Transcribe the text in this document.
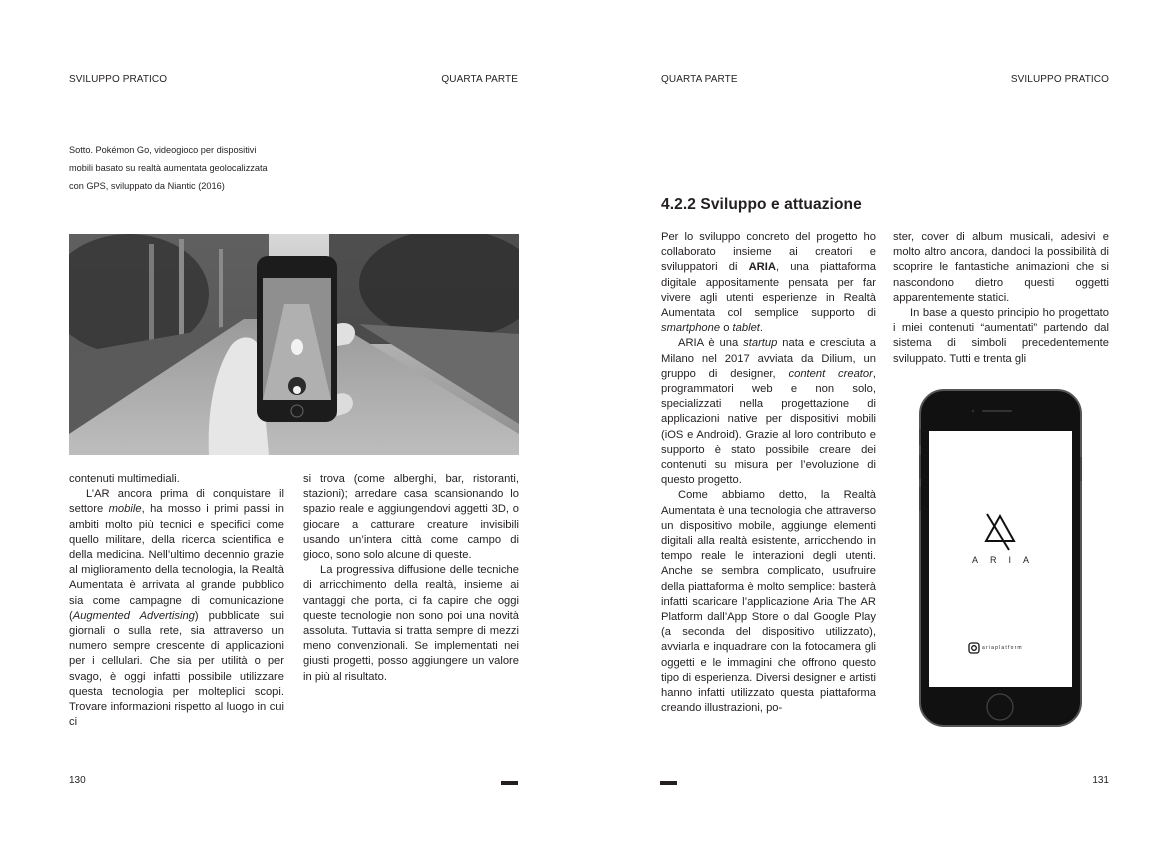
SVILUPPO PRATICO	QUARTA PARTE
Sotto. Pokémon Go, videogioco per dispositivi
mobili basato su realtà aumentata geolocalizzata
con GPS, sviluppato da Niantic (2016)

contenuti multimediali.

L’AR ancora prima di conquistare il settore mobile, ha mosso i primi passi in ambiti molto più tecnici e specifici come quello militare, della ricerca scientifica e della medicina. Nell’ultimo decennio grazie al miglioramento della tecnologia, la Realtà Aumentata è arrivata al grande pubblico sia come campagne di comunicazione (Augmented Advertising) pubblicate sui giornali o sulla rete, sia attraverso un numero sempre crescente di applicazioni per i cellulari. Che sia per utilità o per svago, è oggi infatti possibile utilizzare questa tecnologia per molteplici scopi. Trovare informazioni rispetto al luogo in cui ci

si trova (come alberghi, bar, ristoranti, stazioni); arredare casa scansionando lo spazio reale e aggiungendovi aggetti 3D, o giocare a catturare creature invisibili usando un’intera città come campo di gioco, sono solo alcune di queste.

La progressiva diffusione delle tecniche di arricchimento della realtà, insieme ai vantaggi che porta, ci fa capire che oggi queste tecnologie non sono poi una novità assoluta. Tuttavia si tratta sempre di mezzi meno convenzionali. Se implementati nei giusti progetti, posso aggiungere un valore in più al risultato.

130
QUARTA PARTE	SVILUPPO PRATICO
4.2.2 Sviluppo e attuazione

Per lo sviluppo concreto del progetto ho collaborato insieme ai creatori e sviluppatori di ARIA, una piattaforma digitale appositamente pensata per far vivere agli utenti esperienze in Realtà Aumentata col semplice supporto di smartphone o tablet.

ARIA è una startup nata e cresciuta a Milano nel 2017 avviata da Dilium, un gruppo di designer, content creator, programmatori web e non solo, specializzati nella progettazione di applicazioni native per dispositivi mobili (iOS e Android). Grazie al loro contributo e supporto è stato possibile creare dei contenuti su misura per l’evoluzione di questo progetto.

Come abbiamo detto, la Realtà Aumentata è una tecnologia che attraverso un dispositivo mobile, aggiunge elementi digitali alla realtà esistente, arricchendo in tempo reale le interazioni degli utenti. Anche se sembra complicato, usufruire della piattaforma è molto semplice: basterà infatti scaricare l’applicazione Aria The AR Platform dall’App Store o dal Google Play (a seconda del dispositivo utilizzato), avviarla e inquadrare con la fotocamera gli oggetti e le immagini che offrono questo tipo di esperienza. Diversi designer e artisti hanno infatti utilizzato questa piattaforma creando illustrazioni, po-

ster, cover di album musicali, adesivi e molto altro ancora, dandoci la possibilità di scoprire le fantastiche animazioni che si nascondono dietro questi oggetti apparentemente statici.

In base a questo principio ho progettato i miei contenuti “aumentati” partendo dal sistema di simboli precedentemente sviluppato. Tutti e trenta gli

ARIA
ariaplatform
131
